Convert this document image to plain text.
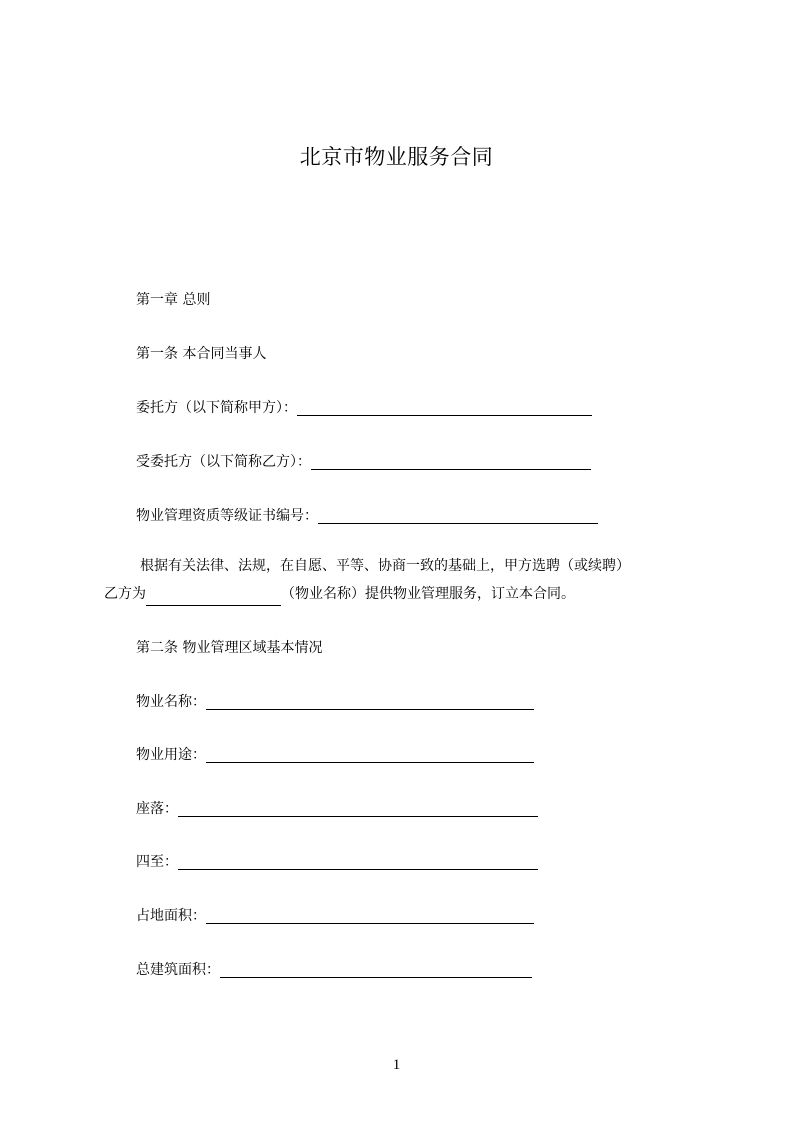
北京市物业服务合同
第一章 总则
第一条 本合同当事人
委托方（以下简称甲方）：
受委托方（以下简称乙方）：
物业管理资质等级证书编号：
根据有关法律、法规，在自愿、平等、协商一致的基础上，甲方选聘（或续聘）
乙方为	（物业名称）提供物业管理服务，订立本合同。
第二条 物业管理区域基本情况
物业名称：
物业用途：
座落：
四至：
占地面积：
总建筑面积：
1
